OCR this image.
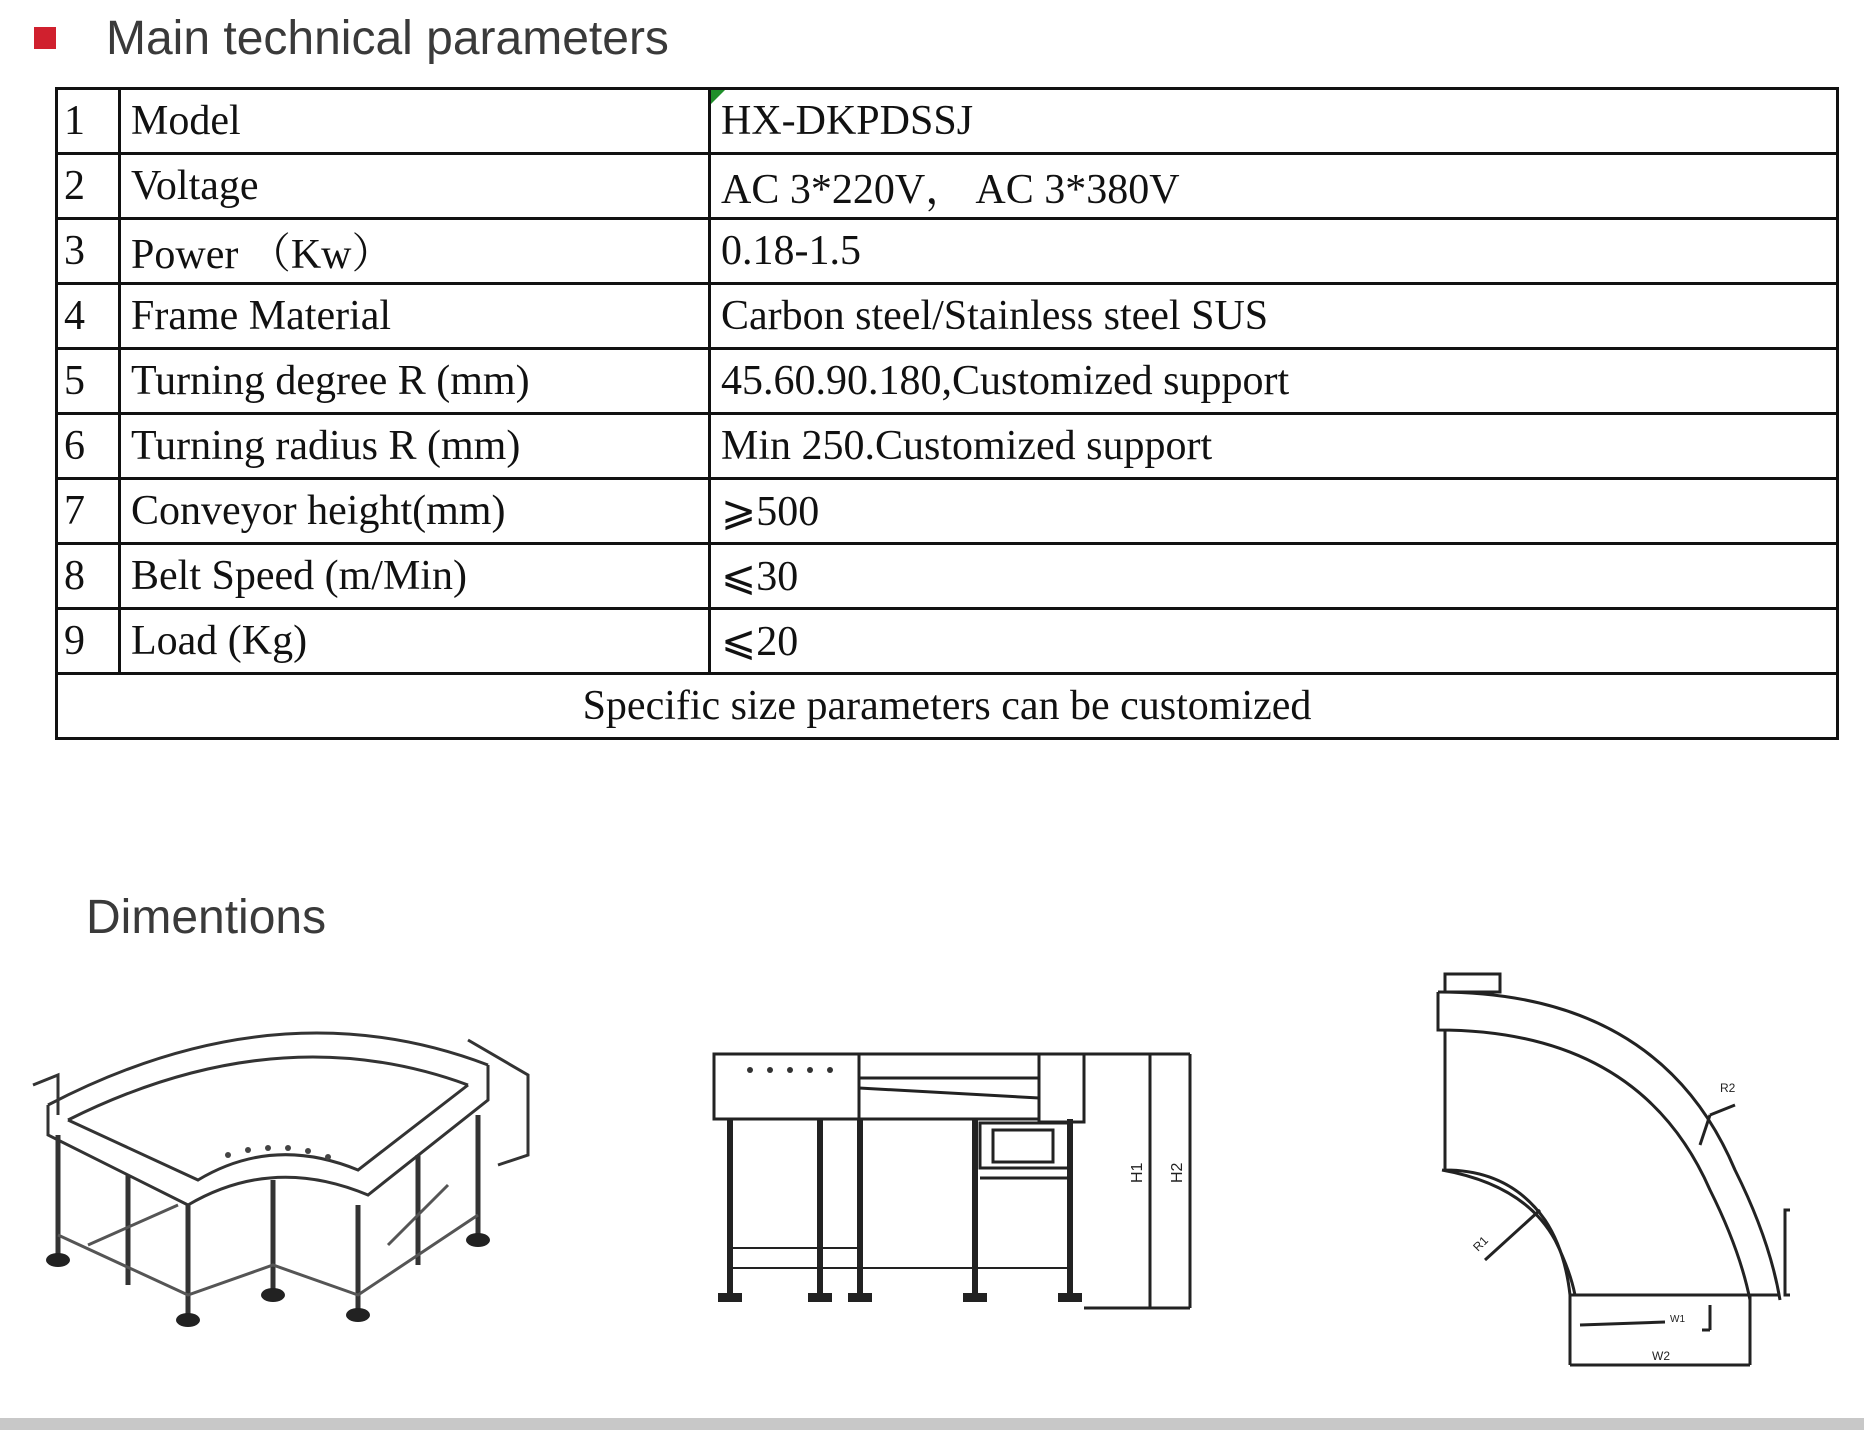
Main technical parameters
1	Model	HX-DKPDSSJ
2	Voltage	AC 3*220V， AC 3*380V
3	Power （Kw）	0.18-1.5
4	Frame Material	Carbon steel/Stainless steel SUS
5	Turning degree R (mm)	45.60.90.180,Customized support
6	Turning radius R (mm)	Min 250.Customized support
7	Conveyor height(mm)	⩾500
8	Belt Speed (m/Min)	⩽30
9	Load (Kg)	⩽20
Specific size parameters can be customized		
Dimentions
H1 H2
R1
R2
W1
W2
